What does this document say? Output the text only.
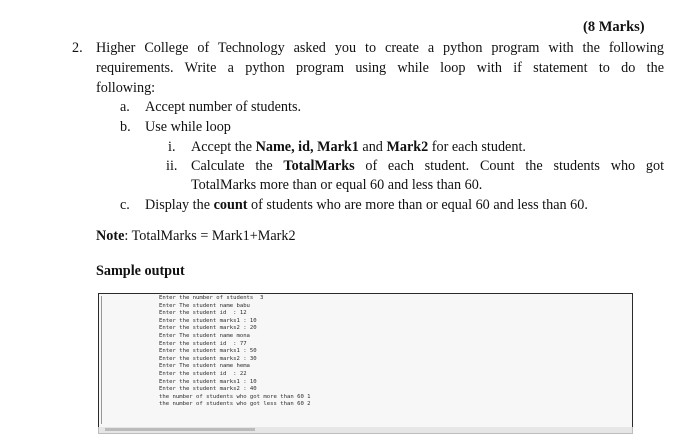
(8 Marks)
2. Higher College of Technology asked you to create a python program with the following
requirements. Write a python program using while loop with if statement to do the
following:
a. Accept number of students.
b. Use while loop
i. Accept the Name, id, Mark1 and Mark2 for each student.
ii. Calculate the TotalMarks of each student. Count the students who got
TotalMarks more than or equal 60 and less than 60.
c. Display the count of students who are more than or equal 60 and less than 60.
Note: TotalMarks = Mark1+Mark2
Sample output
Enter the number of students  3
Enter The student name babu
Enter the student id  : 12
Enter the student marks1 : 10
Enter the student marks2 : 20
Enter The student name mona
Enter the student id  : 77
Enter the student marks1 : 50
Enter the student marks2 : 30
Enter The student name hema
Enter the student id  : 22
Enter the student marks1 : 10
Enter the student marks2 : 40
the number of students who got more than 60 1
the number of students who got less than 60 2
